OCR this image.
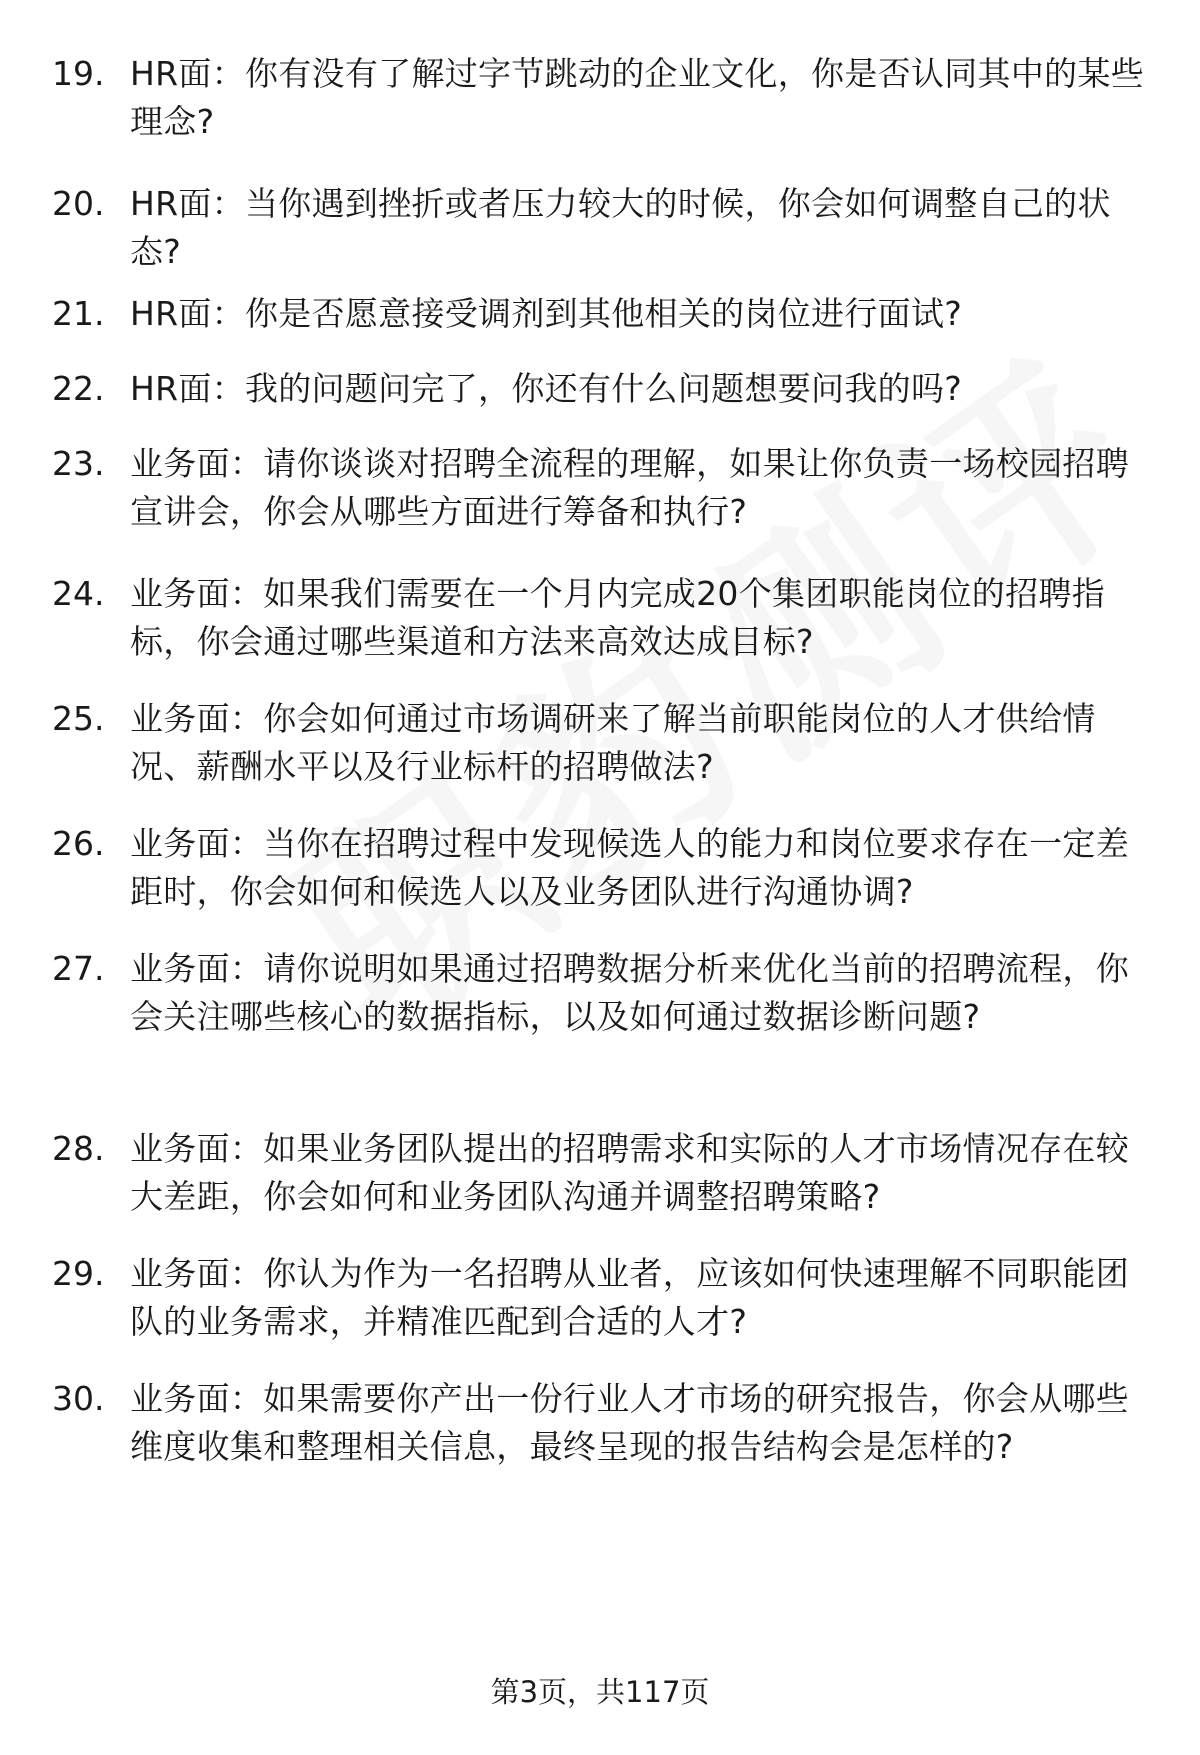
19. HR面：你有没有了解过字节跳动的企业文化，你是否认同其中的某些理念?
20. HR面：当你遇到挫折或者压力较大的时候，你会如何调整自己的状态?
21. HR面：你是否愿意接受调剂到其他相关的岗位进行面试?
22. HR面：我的问题问完了，你还有什么问题想要问我的吗?
23. 业务面：请你谈谈对招聘全流程的理解，如果让你负责一场校园招聘宣讲会，你会从哪些方面进行筹备和执行?
24. 业务面：如果我们需要在一个月内完成20个集团职能岗位的招聘指标，你会通过哪些渠道和方法来高效达成目标?
25. 业务面：你会如何通过市场调研来了解当前职能岗位的人才供给情况、薪酬水平以及行业标杆的招聘做法?
26. 业务面：当你在招聘过程中发现候选人的能力和岗位要求存在一定差距时，你会如何和候选人以及业务团队进行沟通协调?
27. 业务面：请你说明如果通过招聘数据分析来优化当前的招聘流程，你会关注哪些核心的数据指标，以及如何通过数据诊断问题?
28. 业务面：如果业务团队提出的招聘需求和实际的人才市场情况存在较大差距，你会如何和业务团队沟通并调整招聘策略?
29. 业务面：你认为作为一名招聘从业者，应该如何快速理解不同职能团队的业务需求，并精准匹配到合适的人才?
30. 业务面：如果需要你产出一份行业人才市场的研究报告，你会从哪些维度收集和整理相关信息，最终呈现的报告结构会是怎样的?
第3页，共117页
